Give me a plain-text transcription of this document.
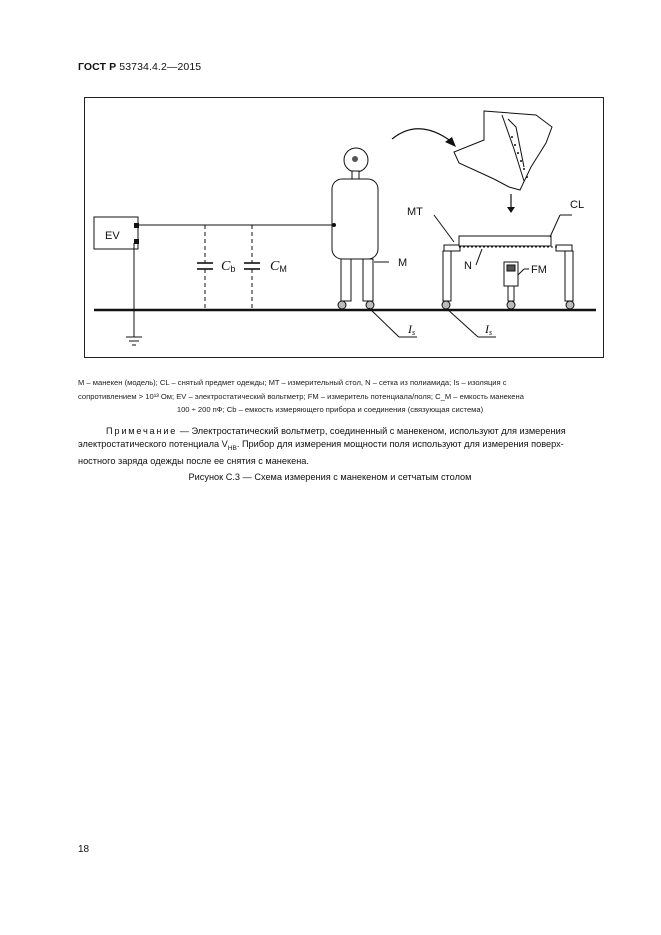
ГОСТ Р 53734.4.2—2015
EV
Cb CM	M
Is	Is
MT
CL
N	FM
M – манекен (модель); CL – снятый предмет одежды; MT – измерительный стол, N – сетка из полиамида; Is – изоляция с
сопротивлением > 10¹³ Ом; EV – электростатический вольтметр; FM – измеритель потенциала/поля; C_M – емкость манекена
100 ÷ 200 пФ; Cb – емкость измеряющего прибора и соединения (связующая система)
Примечание — Электростатический вольтметр, соединенный с манекеном, используют для измерения
электростатического потенциала $V_{HB}$. Прибор для измерения мощности поля используют для измерения поверх-
ностного заряда одежды после ее снятия с манекена.
Рисунок С.3 — Схема измерения с манекеном и сетчатым столом
18
